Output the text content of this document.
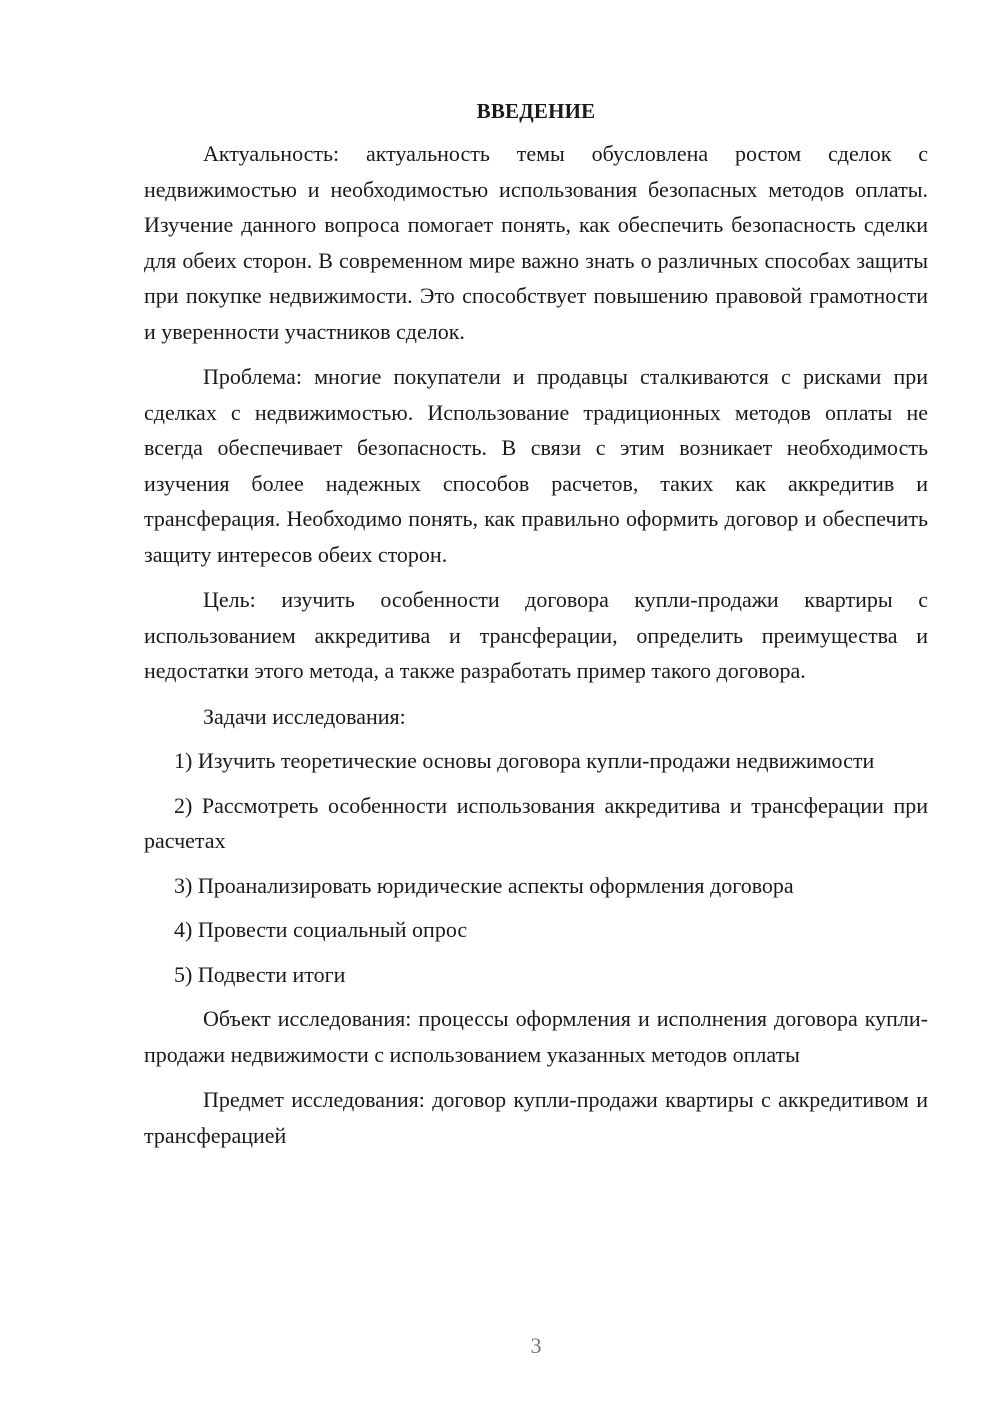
ВВЕДЕНИЕ

Актуальность: актуальность темы обусловлена ростом сделок с недвижимостью и необходимостью использования безопасных методов оплаты. Изучение данного вопроса помогает понять, как обеспечить безопасность сделки для обеих сторон. В современном мире важно знать о различных способах защиты при покупке недвижимости. Это способствует повышению правовой грамотности и уверенности участников сделок.

Проблема: многие покупатели и продавцы сталкиваются с рисками при сделках с недвижимостью. Использование традиционных методов оплаты не всегда обеспечивает безопасность. В связи с этим возникает необходимость изучения более надежных способов расчетов, таких как аккредитив и трансферация. Необходимо понять, как правильно оформить договор и обеспечить защиту интересов обеих сторон.

Цель: изучить особенности договора купли-продажи квартиры с использованием аккредитива и трансферации, определить преимущества и недостатки этого метода, а также разработать пример такого договора.

Задачи исследования:

1) Изучить теоретические основы договора купли-продажи недвижимости

2) Рассмотреть особенности использования аккредитива и трансферации при расчетах

3) Проанализировать юридические аспекты оформления договора

4) Провести социальный опрос

5) Подвести итоги

Объект исследования: процессы оформления и исполнения договора купли-продажи недвижимости с использованием указанных методов оплаты

Предмет исследования: договор купли-продажи квартиры с аккредитивом и трансферацией

3
